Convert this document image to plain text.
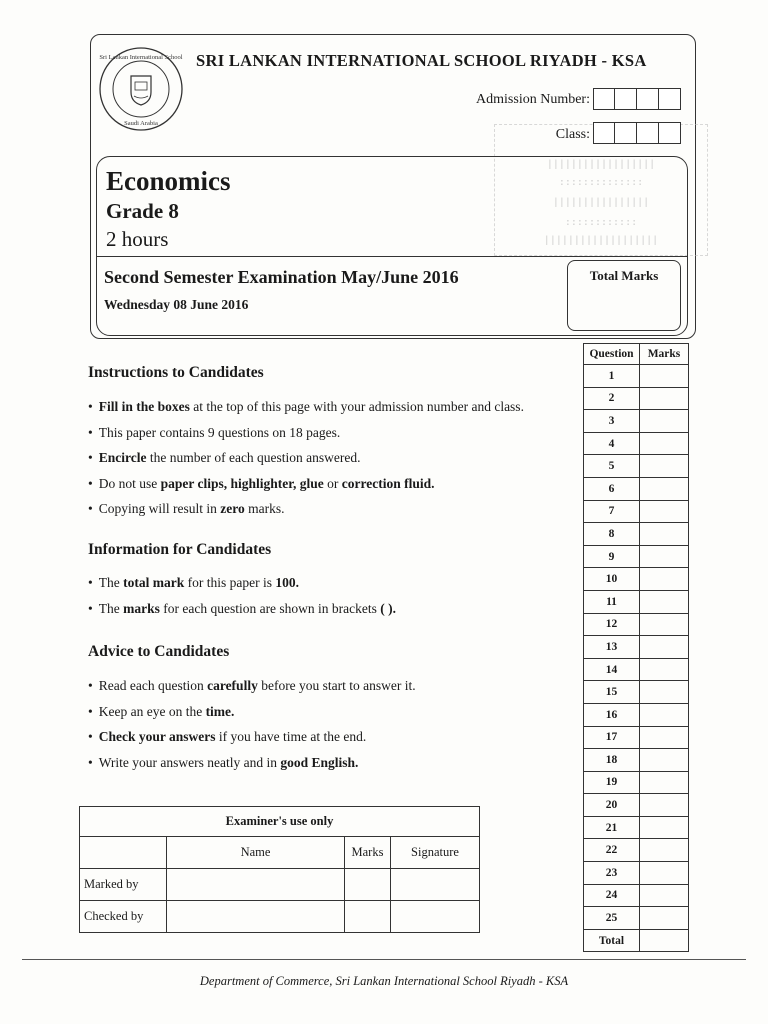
Sri Lankan International School
Saudi Arabia
SRI LANKAN INTERNATIONAL SCHOOL RIYADH - KSA
Admission Number:
||||||||||||||||||
::::::::::::::
||||||||||||||||
::::::::::::
|||||||||||||||||||
Class:
Economics
Grade 8
2 hours
Second Semester Examination May/June 2016
Wednesday 08 June 2016
Total Marks
Instructions to Candidates
• Fill in the boxes at the top of this page with your admission number and class.
• This paper contains 9 questions on 18 pages.
• Encircle the number of each question answered.
• Do not use paper clips, highlighter, glue or correction fluid.
• Copying will result in zero marks.
Information for Candidates
• The total mark for this paper is 100.
• The marks for each question are shown in brackets ( ).
Advice to Candidates
• Read each question carefully before you start to answer it.
• Keep an eye on the time.
• Check your answers if you have time at the end.
• Write your answers neatly and in good English.
Question	Marks
1	
2	
3	
4	
5	
6	
7	
8	
9	
10	
11	
12	
13	
14	
15	
16	
17	
18	
19	
20	
21	
22	
23	
24	
25	
Total	
Examiner's use only			
	Name	Marks	Signature
Marked by			
Checked by			
Department of Commerce, Sri Lankan International School Riyadh - KSA
